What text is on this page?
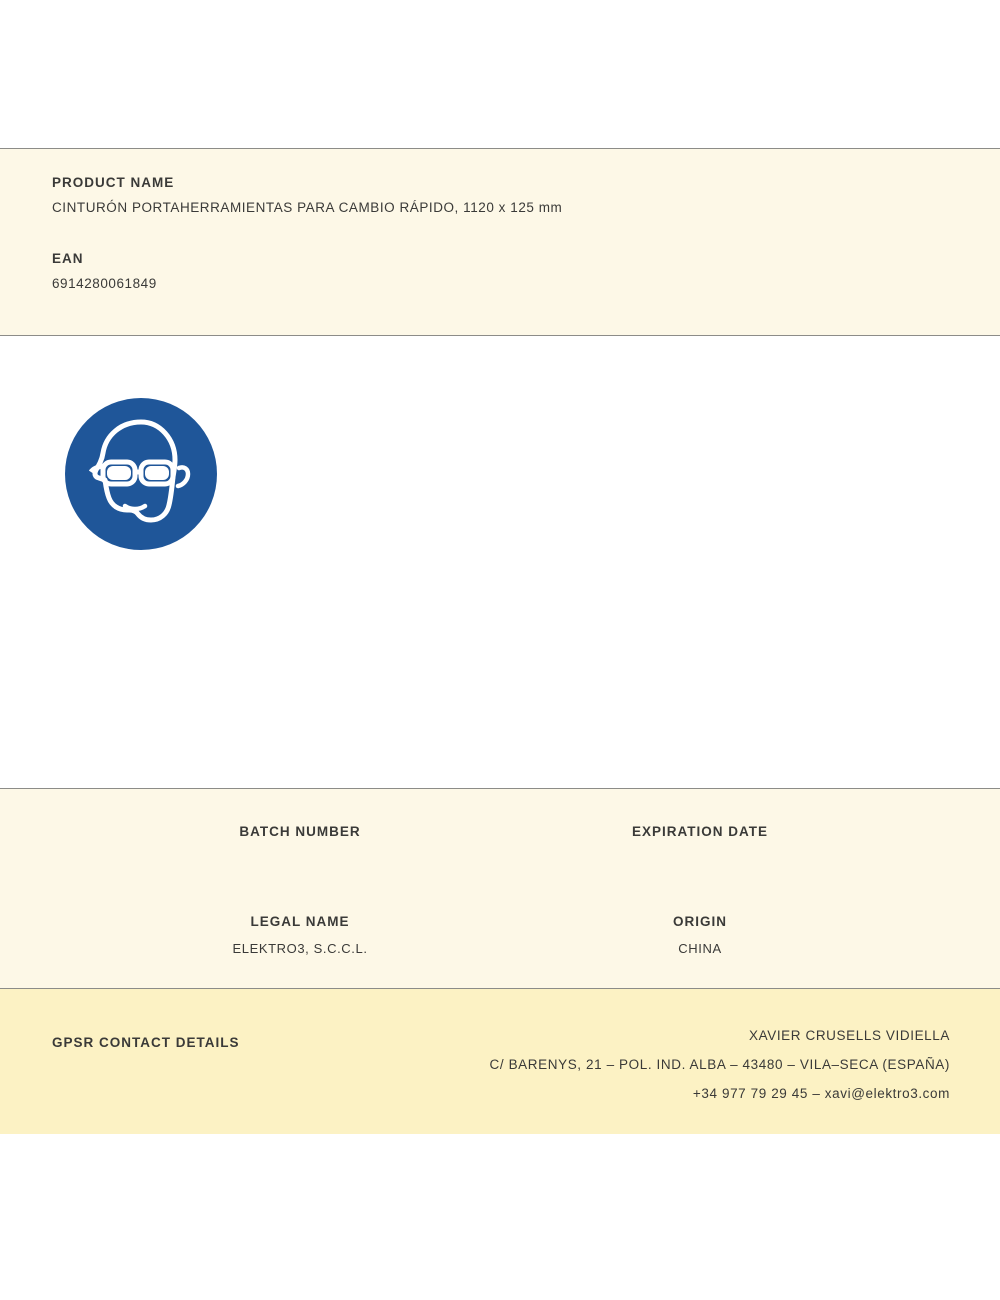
PRODUCT NAME

CINTURÓN PORTAHERRAMIENTAS PARA CAMBIO RÁPIDO, 1120 x 125 mm

EAN

6914280061849

BATCH NUMBER	EXPIRATION DATE

LEGAL NAME

ELEKTRO3, S.C.C.L.

ORIGIN

CHINA

GPSR CONTACT DETAILS	XAVIER CRUSELLS VIDIELLA
C/ BARENYS, 21 – POL. IND. ALBA – 43480 – VILA–SECA (ESPAÑA)
+34 977 79 29 45 – xavi@elektro3.com
